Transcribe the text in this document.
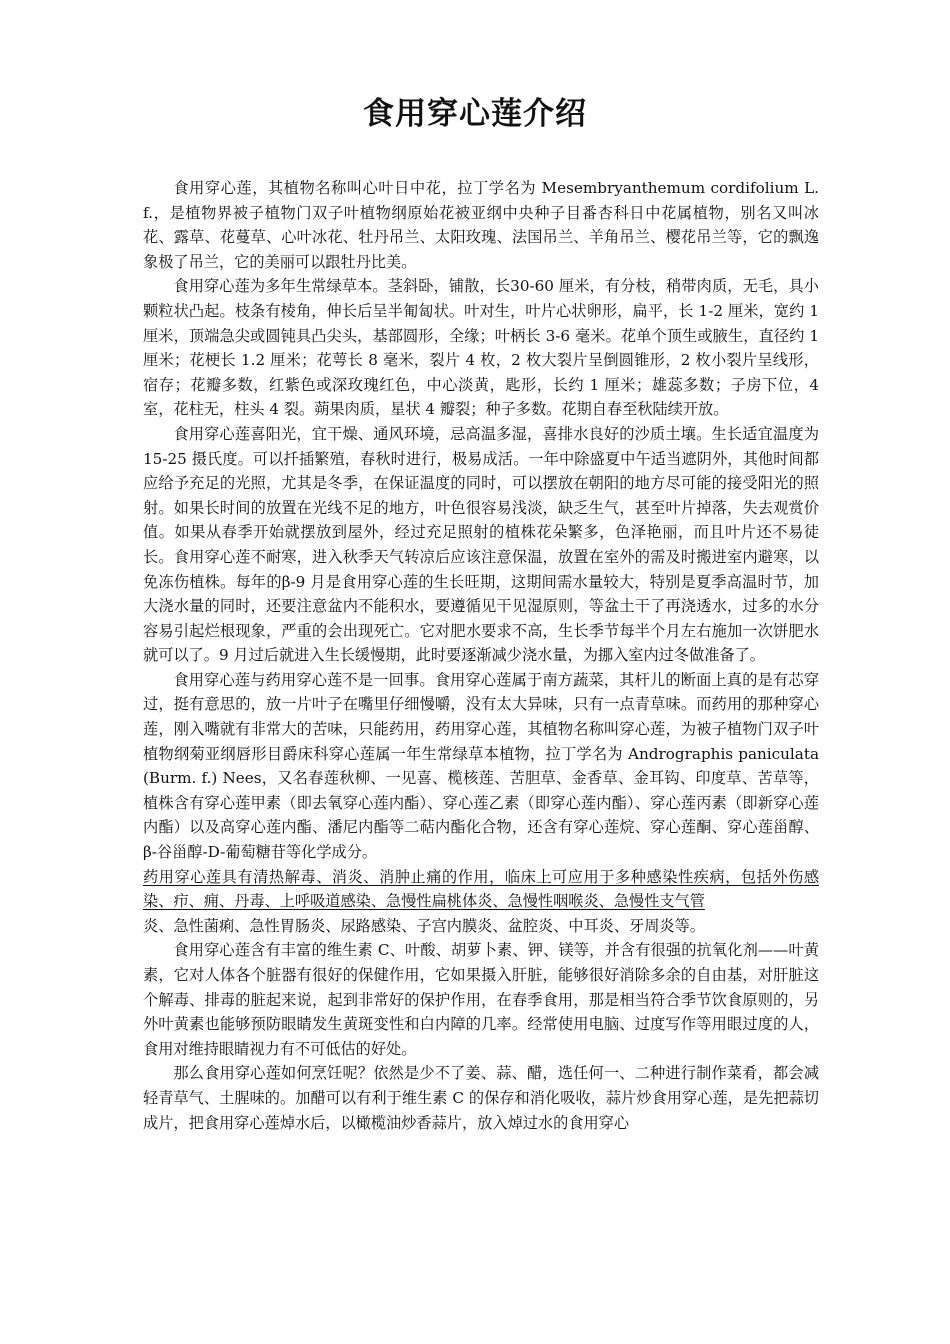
食用穿心莲介绍

食用穿心莲，其植物名称叫心叶日中花，拉丁学名为 Mesembryanthemum cordifolium L. f.，是植物界被子植物门双子叶植物纲原始花被亚纲中央种子目番杏科日中花属植物，别名又叫冰花、露草、花蔓草、心叶冰花、牡丹吊兰、太阳玫瑰、法国吊兰、羊角吊兰、樱花吊兰等，它的飘逸象极了吊兰，它的美丽可以跟牡丹比美。

食用穿心莲为多年生常绿草本。茎斜卧，铺散，长30-60 厘米，有分枝，稍带肉质，无毛，具小颗粒状凸起。枝条有棱角，伸长后呈半匍匐状。叶对生，叶片心状卵形，扁平，长 1-2 厘米，宽约 1 厘米，顶端急尖或圆钝具凸尖头，基部圆形，全缘；叶柄长 3-6 毫米。花单个顶生或腋生，直径约 1 厘米；花梗长 1.2 厘米；花萼长 8 毫米，裂片 4 枚，2 枚大裂片呈倒圆锥形，2 枚小裂片呈线形，宿存；花瓣多数，红紫色或深玫瑰红色，中心淡黄，匙形，长约 1 厘米；雄蕊多数；子房下位，4 室，花柱无，柱头 4 裂。蒴果肉质，星状 4 瓣裂；种子多数。花期自春至秋陆续开放。

食用穿心莲喜阳光，宜干燥、通风环境，忌高温多湿，喜排水良好的沙质土壤。生长适宜温度为 15-25 摄氏度。可以扦插繁殖，春秋时进行，极易成活。一年中除盛夏中午适当遮阴外，其他时间都应给予充足的光照，尤其是冬季，在保证温度的同时，可以摆放在朝阳的地方尽可能的接受阳光的照射。如果长时间的放置在光线不足的地方，叶色很容易浅淡，缺乏生气，甚至叶片掉落，失去观赏价值。如果从春季开始就摆放到屋外，经过充足照射的植株花朵繁多，色泽艳丽，而且叶片还不易徒长。食用穿心莲不耐寒，进入秋季天气转凉后应该注意保温，放置在室外的需及时搬进室内避寒，以免冻伤植株。每年的β-9 月是食用穿心莲的生长旺期，这期间需水量较大，特别是夏季高温时节，加大浇水量的同时，还要注意盆内不能积水，要遵循见干见湿原则，等盆土干了再浇透水，过多的水分容易引起烂根现象，严重的会出现死亡。它对肥水要求不高，生长季节每半个月左右施加一次饼肥水就可以了。9 月过后就进入生长缓慢期，此时要逐渐减少浇水量，为挪入室内过冬做准备了。

食用穿心莲与药用穿心莲不是一回事。食用穿心莲属于南方蔬菜，其杆儿的断面上真的是有芯穿过，挺有意思的，放一片叶子在嘴里仔细慢嚼，没有太大异味，只有一点青草味。而药用的那种穿心莲，刚入嘴就有非常大的苦味，只能药用，药用穿心莲，其植物名称叫穿心莲，为被子植物门双子叶植物纲菊亚纲唇形目爵床科穿心莲属一年生常绿草本植物，拉丁学名为 Andrographis paniculata (Burm. f.) Nees，又名春莲秋柳、一见喜、榄核莲、苦胆草、金香草、金耳钩、印度草、苦草等，植株含有穿心莲甲素（即去氧穿心莲内酯）、穿心莲乙素（即穿心莲内酯）、穿心莲丙素（即新穿心莲内酯）以及高穿心莲内酯、潘尼内酯等二萜内酯化合物，还含有穿心莲烷、穿心莲酮、穿心莲甾醇、β-谷甾醇-D-葡萄糖苷等化学成分。

药用穿心莲具有清热解毒、消炎、消肿止痛的作用，临床上可应用于多种感染性疾病，包括外伤感染、疖、痈、丹毒、上呼吸道感染、急慢性扁桃体炎、急慢性咽喉炎、急慢性支气管

炎、急性菌痢、急性胃肠炎、尿路感染、子宫内膜炎、盆腔炎、中耳炎、牙周炎等。

食用穿心莲含有丰富的维生素 C、叶酸、胡萝卜素、钾、镁等，并含有很强的抗氧化剂——叶黄素，它对人体各个脏器有很好的保健作用，它如果摄入肝脏，能够很好消除多余的自由基，对肝脏这个解毒、排毒的脏起来说，起到非常好的保护作用，在春季食用，那是相当符合季节饮食原则的，另外叶黄素也能够预防眼睛发生黄斑变性和白内障的几率。经常使用电脑、过度写作等用眼过度的人，食用对维持眼睛视力有不可低估的好处。

那么食用穿心莲如何烹饪呢？依然是少不了姜、蒜、醋，选任何一、二种进行制作菜肴，都会减轻青草气、土腥味的。加醋可以有利于维生素 C 的保存和消化吸收，蒜片炒食用穿心莲，是先把蒜切成片，把食用穿心莲焯水后，以橄榄油炒香蒜片，放入焯过水的食用穿心
